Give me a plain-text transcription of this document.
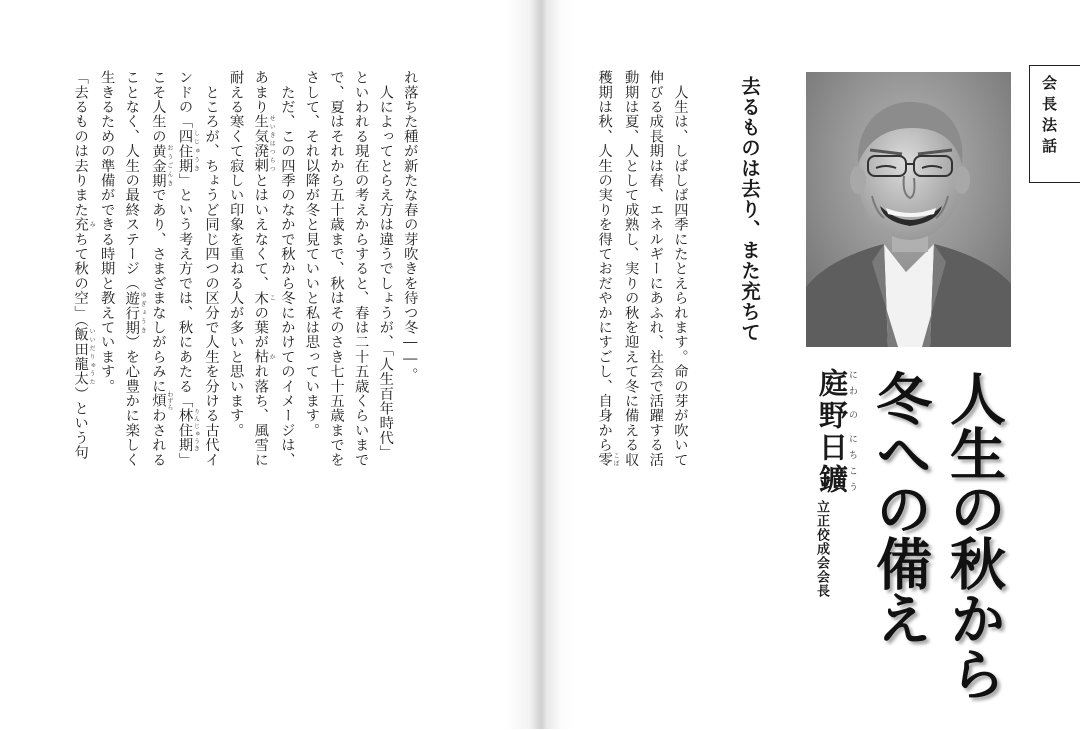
れ落ちた種が新たな春の芽吹きを待つ冬――。
　人によってとらえ方は違うでしょうが、「人生百年時代」
といわれる現在の考えからすると、春は二十五歳くらいまで
で、夏はそれから五十歳まで、秋はそのさき七十五歳までを
さして、それ以降が冬と見ていいと私は思っています。
　ただ、この四季のなかで秋から冬にかけてのイメージは、
あまり生気溌剌 せいきはつらつとはいえなくて、木 この葉が枯 かれ落ち、風雪に
耐える寒くて寂しい印象を重ねる人が多いと思います。
　ところが、ちょうど同じ四つの区分で人生を分ける古代イ
ンドの「四住期 しじゅうき」という考え方では、秋にあたる「林住期 りんじゅうき」
こそ人生の黄金期 おうごんきであり、さまざまなしがらみに煩 わずらわされる
ことなく、人生の最終ステージ（遊行期 ゆぎょうき）を心豊かに楽しく
生きるための準備ができる時期と教えています。
「去るものは去りまた充 みちて秋の空」（飯田龍太 いいだりゅうた）という句	　人生は、しばしば四季にたとえられます。命の芽が吹いて
伸びる成長期は春、エネルギーにあふれ、社会で活躍する活
動期は夏、人として成熟し、実りの秋を迎えて冬に備える収
穫期は秋、人生の実りを得ておだやかにすごし、自身から零 こぼ
去るものは去り、また充ちて	会長法話
人生の秋から
冬への備え
庭にわ野の日にち鑛こう
立正佼成会会長
